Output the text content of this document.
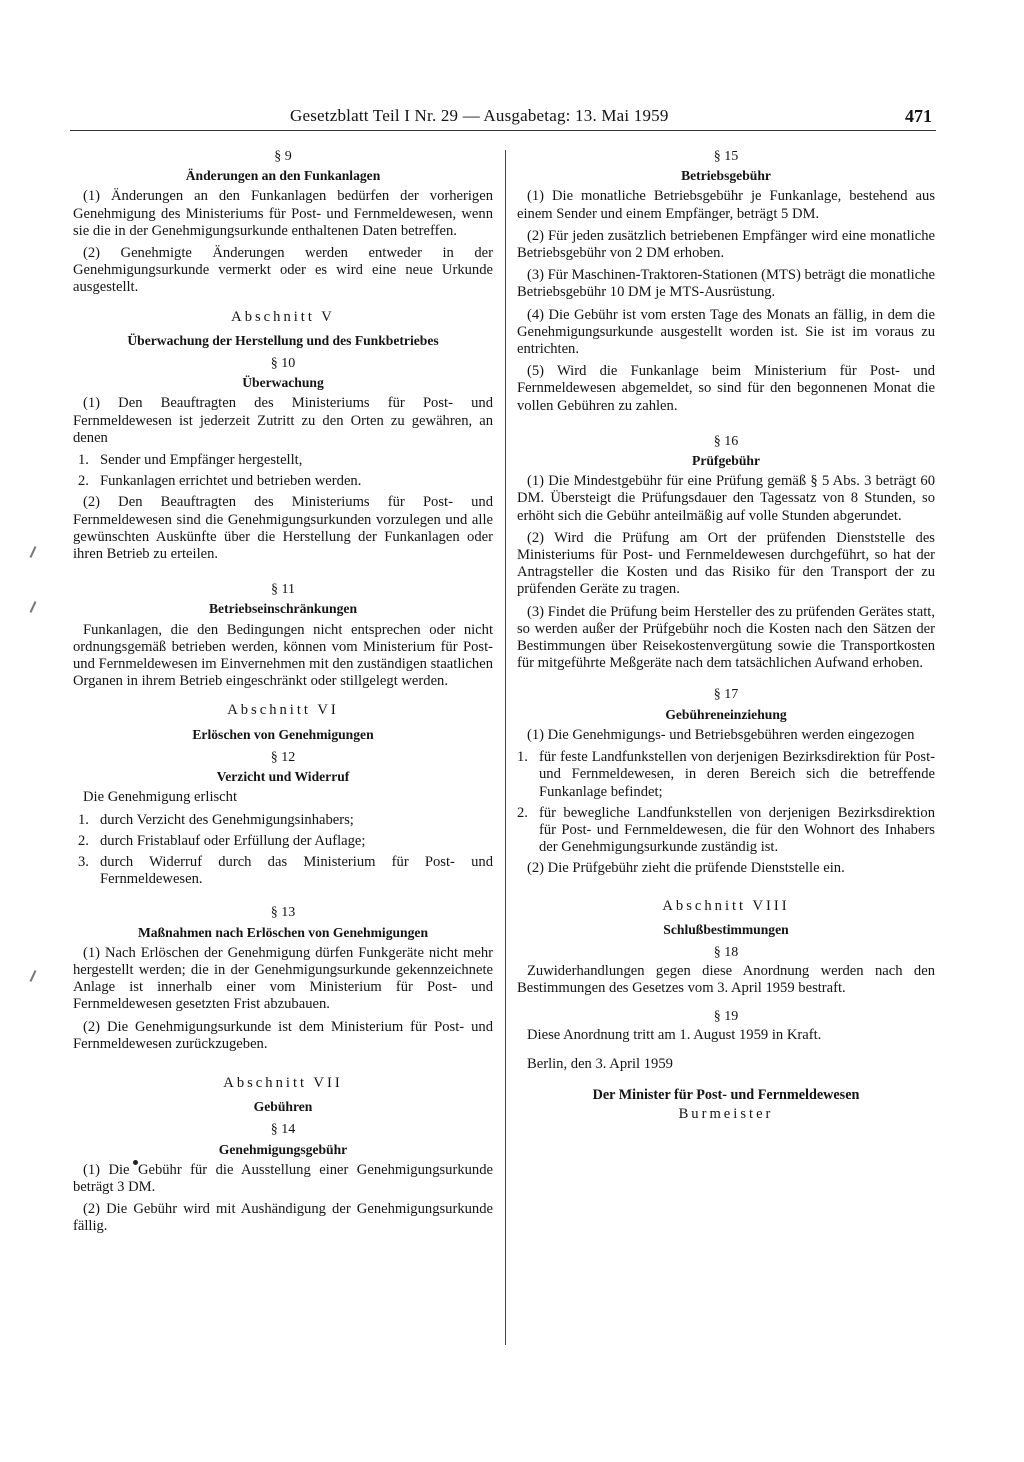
Gesetzblatt Teil I Nr. 29 — Ausgabetag: 13. Mai 1959	471
§ 9
Änderungen an den Funkanlagen

(1) Änderungen an den Funkanlagen bedürfen der vorherigen Genehmigung des Ministeriums für Post- und Fernmeldewesen, wenn sie die in der Genehmigungsurkunde enthaltenen Daten betreffen.

(2) Genehmigte Änderungen werden entweder in der Genehmigungsurkunde vermerkt oder es wird eine neue Urkunde ausgestellt.

Abschnitt V
Überwachung der Herstellung und des Funkbetriebes
§ 10
Überwachung

(1) Den Beauftragten des Ministeriums für Post- und Fernmeldewesen ist jederzeit Zutritt zu den Orten zu gewähren, an denen

1. Sender und Empfänger hergestellt,
2. Funkanlagen errichtet und betrieben werden.

(2) Den Beauftragten des Ministeriums für Post- und Fernmeldewesen sind die Genehmigungsurkunden vorzulegen und alle gewünschten Auskünfte über die Herstellung der Funkanlagen oder ihren Betrieb zu erteilen.

§ 11
Betriebseinschränkungen

Funkanlagen, die den Bedingungen nicht entsprechen oder nicht ordnungsgemäß betrieben werden, können vom Ministerium für Post- und Fernmeldewesen im Einvernehmen mit den zuständigen staatlichen Organen in ihrem Betrieb eingeschränkt oder stillgelegt werden.

Abschnitt VI
Erlöschen von Genehmigungen
§ 12
Verzicht und Widerruf

Die Genehmigung erlischt

1. durch Verzicht des Genehmigungsinhabers;
2. durch Fristablauf oder Erfüllung der Auflage;
3. durch Widerruf durch das Ministerium für Post- und Fernmeldewesen.
§ 13
Maßnahmen nach Erlöschen von Genehmigungen

(1) Nach Erlöschen der Genehmigung dürfen Funkgeräte nicht mehr hergestellt werden; die in der Genehmigungsurkunde gekennzeichnete Anlage ist innerhalb einer vom Ministerium für Post- und Fernmeldewesen gesetzten Frist abzubauen.

(2) Die Genehmigungsurkunde ist dem Ministerium für Post- und Fernmeldewesen zurückzugeben.

Abschnitt VII
Gebühren
§ 14
Genehmigungsgebühr

(1) Die Gebühr für die Ausstellung einer Genehmigungsurkunde beträgt 3 DM.

(2) Die Gebühr wird mit Aushändigung der Genehmigungsurkunde fällig.

§ 15
Betriebsgebühr

(1) Die monatliche Betriebsgebühr je Funkanlage, bestehend aus einem Sender und einem Empfänger, beträgt 5 DM.

(2) Für jeden zusätzlich betriebenen Empfänger wird eine monatliche Betriebsgebühr von 2 DM erhoben.

(3) Für Maschinen-Traktoren-Stationen (MTS) beträgt die monatliche Betriebsgebühr 10 DM je MTS-Ausrüstung.

(4) Die Gebühr ist vom ersten Tage des Monats an fällig, in dem die Genehmigungsurkunde ausgestellt worden ist. Sie ist im voraus zu entrichten.

(5) Wird die Funkanlage beim Ministerium für Post- und Fernmeldewesen abgemeldet, so sind für den begonnenen Monat die vollen Gebühren zu zahlen.

§ 16
Prüfgebühr

(1) Die Mindestgebühr für eine Prüfung gemäß § 5 Abs. 3 beträgt 60 DM. Übersteigt die Prüfungsdauer den Tagessatz von 8 Stunden, so erhöht sich die Gebühr anteilmäßig auf volle Stunden abgerundet.

(2) Wird die Prüfung am Ort der prüfenden Dienststelle des Ministeriums für Post- und Fernmeldewesen durchgeführt, so hat der Antragsteller die Kosten und das Risiko für den Transport der zu prüfenden Geräte zu tragen.

(3) Findet die Prüfung beim Hersteller des zu prüfenden Gerätes statt, so werden außer der Prüfgebühr noch die Kosten nach den Sätzen der Bestimmungen über Reisekostenvergütung sowie die Transportkosten für mitgeführte Meßgeräte nach dem tatsächlichen Aufwand erhoben.

§ 17
Gebühreneinziehung

(1) Die Genehmigungs- und Betriebsgebühren werden eingezogen

1. für feste Landfunkstellen von derjenigen Bezirksdirektion für Post- und Fernmeldewesen, in deren Bereich sich die betreffende Funkanlage befindet;
2. für bewegliche Landfunkstellen von derjenigen Bezirksdirektion für Post- und Fernmeldewesen, die für den Wohnort des Inhabers der Genehmigungsurkunde zuständig ist.

(2) Die Prüfgebühr zieht die prüfende Dienststelle ein.

Abschnitt VIII
Schlußbestimmungen
§ 18

Zuwiderhandlungen gegen diese Anordnung werden nach den Bestimmungen des Gesetzes vom 3. April 1959 bestraft.

§ 19

Diese Anordnung tritt am 1. August 1959 in Kraft.

Berlin, den 3. April 1959

Der Minister für Post- und Fernmeldewesen
Burmeister
